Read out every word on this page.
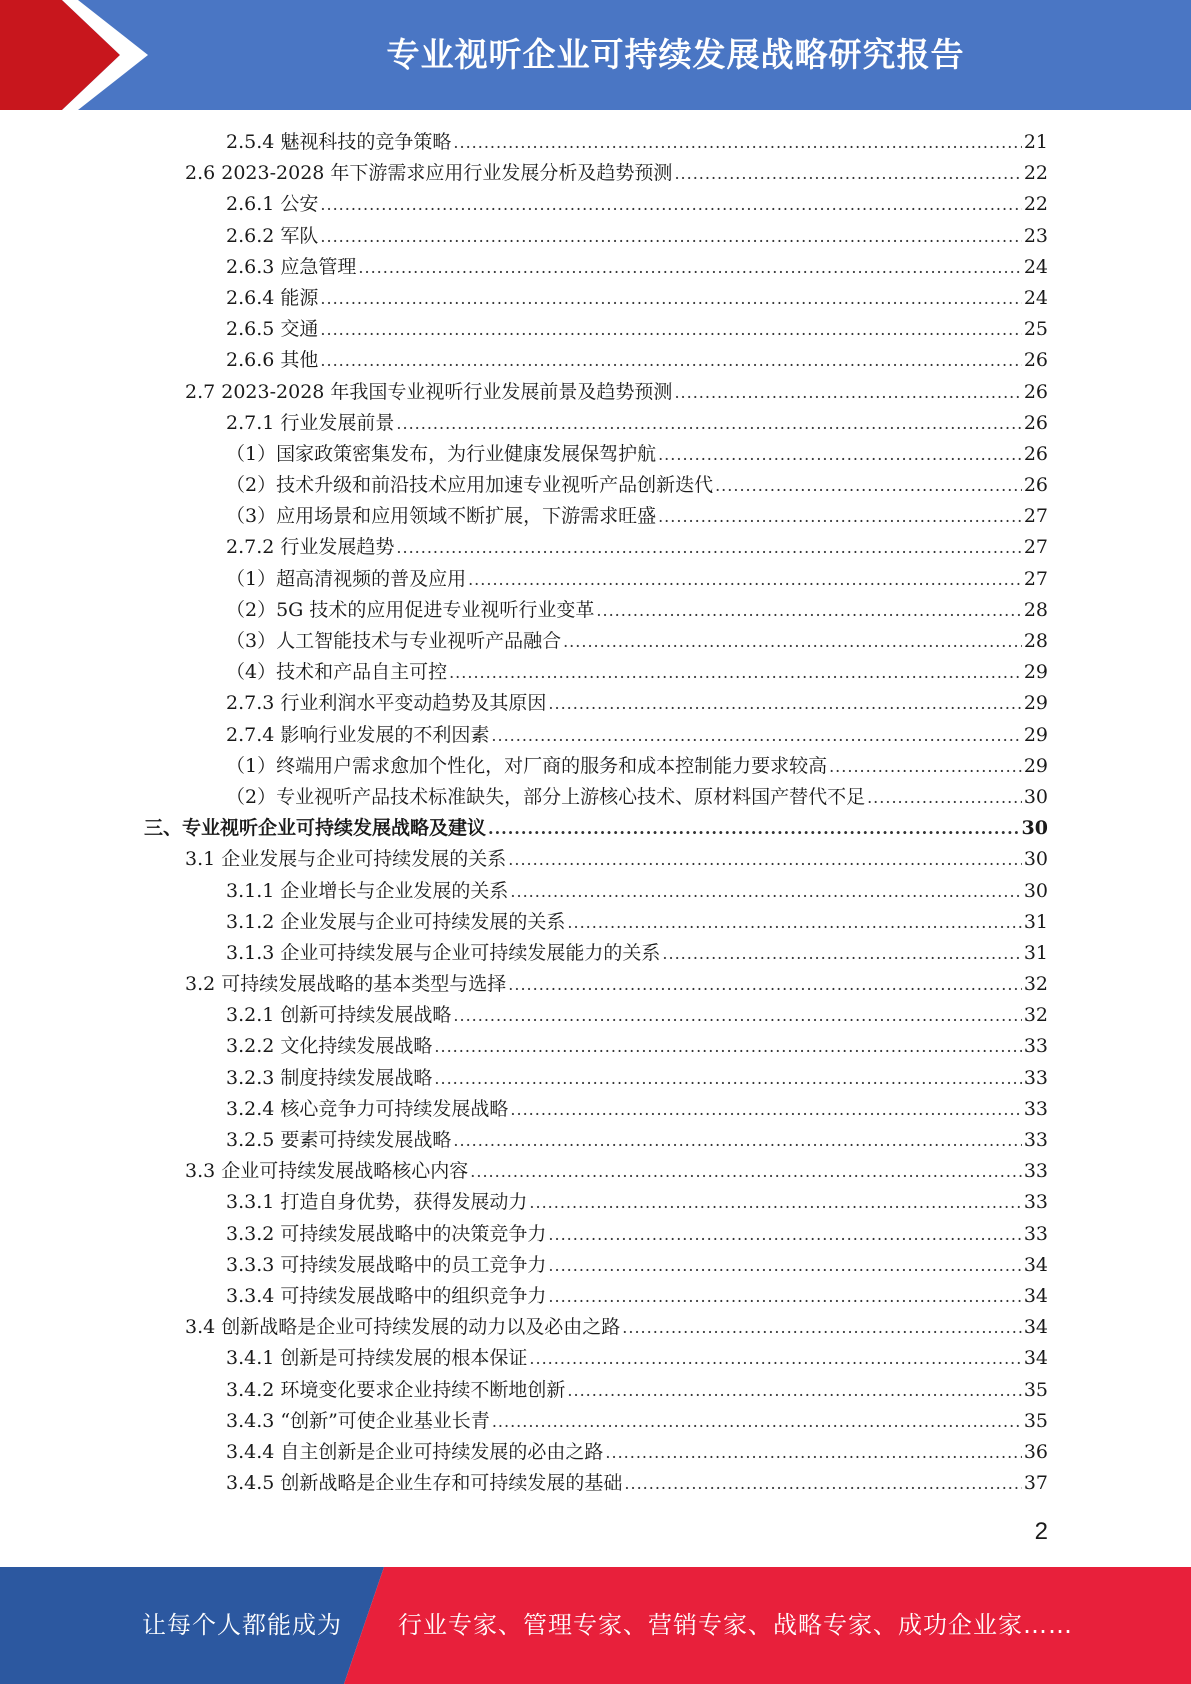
专业视听企业可持续发展战略研究报告
2.5.4 魅视科技的竞争策略 .....	21
2.6 2023-2028 年下游需求应用行业发展分析及趋势预测 .....	22
2.6.1 公安 .....	22
2.6.2 军队 .....	23
2.6.3 应急管理 .....	24
2.6.4 能源 .....	24
2.6.5 交通 .....	25
2.6.6 其他 .....	26
2.7 2023-2028 年我国专业视听行业发展前景及趋势预测 .....	26
2.7.1 行业发展前景 .....	26
（1）国家政策密集发布，为行业健康发展保驾护航 .....	26
（2）技术升级和前沿技术应用加速专业视听产品创新迭代 .....	26
（3）应用场景和应用领域不断扩展，下游需求旺盛 .....	27
2.7.2 行业发展趋势 .....	27
（1）超高清视频的普及应用 .....	27
（2）5G 技术的应用促进专业视听行业变革 .....	28
（3）人工智能技术与专业视听产品融合 .....	28
（4）技术和产品自主可控 .....	29
2.7.3 行业利润水平变动趋势及其原因 .....	29
2.7.4 影响行业发展的不利因素 .....	29
（1）终端用户需求愈加个性化，对厂商的服务和成本控制能力要求较高 .....	29
（2）专业视听产品技术标准缺失，部分上游核心技术、原材料国产替代不足 .....	30
三、专业视听企业可持续发展战略及建议 .....	30
3.1 企业发展与企业可持续发展的关系 .....	30
3.1.1 企业增长与企业发展的关系 .....	30
3.1.2 企业发展与企业可持续发展的关系 .....	31
3.1.3 企业可持续发展与企业可持续发展能力的关系 .....	31
3.2 可持续发展战略的基本类型与选择 .....	32
3.2.1 创新可持续发展战略 .....	32
3.2.2 文化持续发展战略 .....	33
3.2.3 制度持续发展战略 .....	33
3.2.4 核心竞争力可持续发展战略 .....	33
3.2.5 要素可持续发展战略 .....	33
3.3 企业可持续发展战略核心内容 .....	33
3.3.1 打造自身优势，获得发展动力 .....	33
3.3.2 可持续发展战略中的决策竞争力 .....	33
3.3.3 可持续发展战略中的员工竞争力 .....	34
3.3.4 可持续发展战略中的组织竞争力 .....	34
3.4 创新战略是企业可持续发展的动力以及必由之路 .....	34
3.4.1 创新是可持续发展的根本保证 .....	34
3.4.2 环境变化要求企业持续不断地创新 .....	35
3.4.3 “创新”可使企业基业长青 .....	35
3.4.4 自主创新是企业可持续发展的必由之路 .....	36
3.4.5 创新战略是企业生存和可持续发展的基础 .....	37
2
让每个人都能成为 行业专家、管理专家、营销专家、战略专家、成功企业家……
